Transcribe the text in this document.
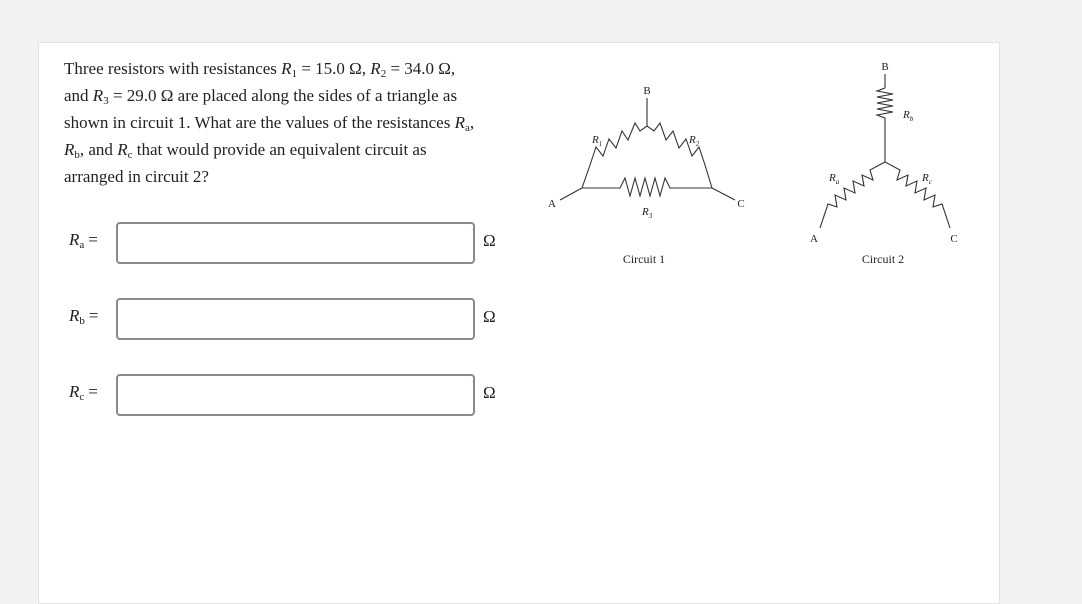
Three resistors with resistances $R_1 = 15.0$ Ω, $R_2 = 34.0$ Ω,
and $R_3 = 29.0$ Ω are placed along the sides of a triangle as
shown in circuit 1. What are the values of the resistances $R_a$,
$R_b$, and $R_c$ that would provide an equivalent circuit as
arranged in circuit 2?
$R_a$ =	Ω
$R_b$ =	Ω
$R_c$ =	Ω
B
A	C
$R_1$	$R_2$
$R_3$
Circuit 1
B
A	C
$R_b$
$R_a$	$R_c$
Circuit 2
